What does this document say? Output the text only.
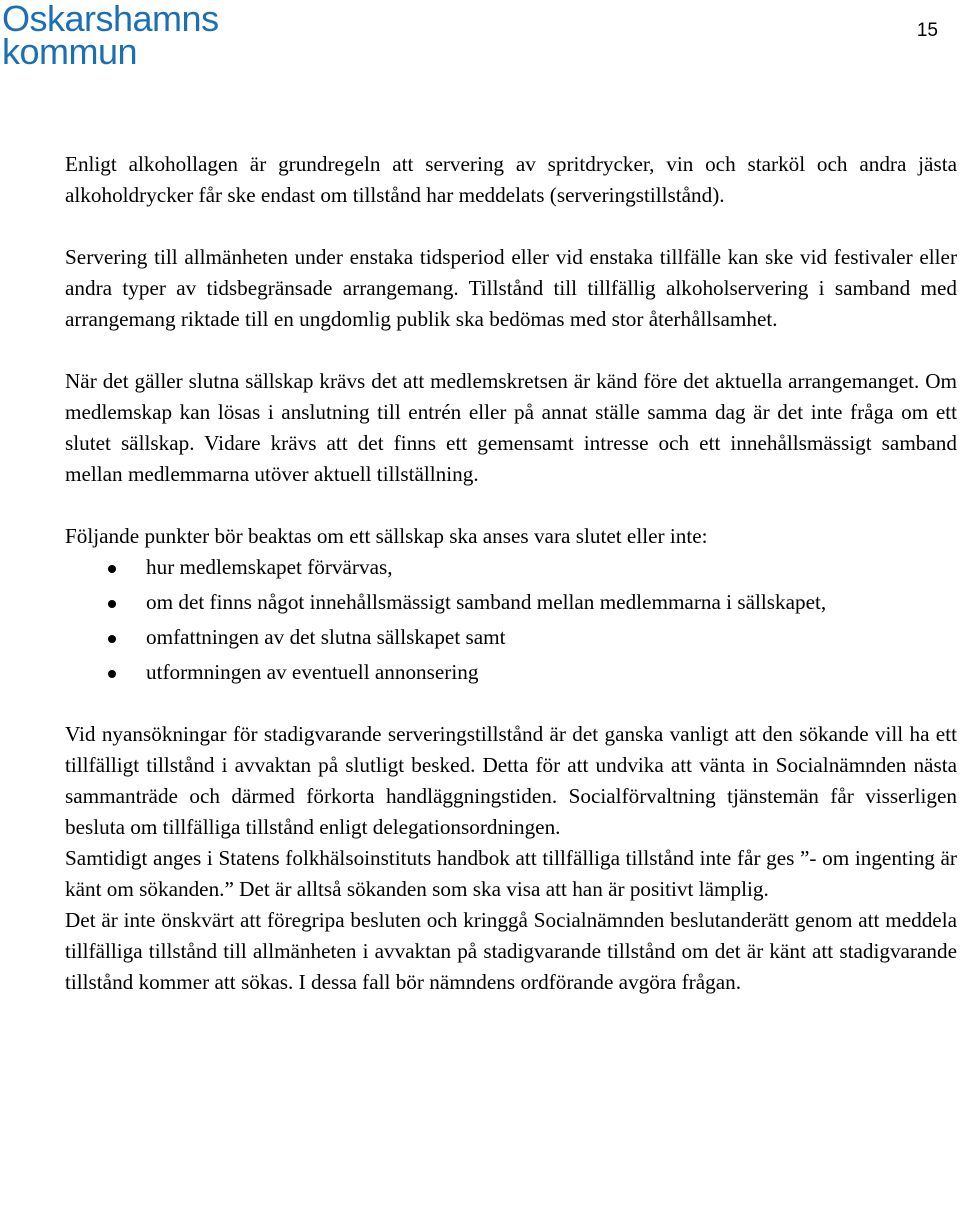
Oskarshamns
kommun
15

Enligt alkohollagen är grundregeln att servering av spritdrycker, vin och starköl och andra jästa alkoholdrycker får ske endast om tillstånd har meddelats (serveringstillstånd).

Servering till allmänheten under enstaka tidsperiod eller vid enstaka tillfälle kan ske vid festivaler eller andra typer av tidsbegränsade arrangemang. Tillstånd till tillfällig alkoholservering i samband med arrangemang riktade till en ungdomlig publik ska bedömas med stor återhållsamhet.

När det gäller slutna sällskap krävs det att medlemskretsen är känd före det aktuella arrangemanget. Om medlemskap kan lösas i anslutning till entrén eller på annat ställe samma dag är det inte fråga om ett slutet sällskap. Vidare krävs att det finns ett gemensamt intresse och ett innehållsmässigt samband mellan medlemmarna utöver aktuell tillställning.

Följande punkter bör beaktas om ett sällskap ska anses vara slutet eller inte:

hur medlemskapet förvärvas,
om det finns något innehållsmässigt samband mellan medlemmarna i sällskapet,
omfattningen av det slutna sällskapet samt
utformningen av eventuell annonsering

Vid nyansökningar för stadigvarande serveringstillstånd är det ganska vanligt att den sökande vill ha ett tillfälligt tillstånd i avvaktan på slutligt besked. Detta för att undvika att vänta in Socialnämnden nästa sammanträde och därmed förkorta handläggningstiden. Socialförvaltning tjänstemän får visserligen besluta om tillfälliga tillstånd enligt delegationsordningen.

Samtidigt anges i Statens folkhälsoinstituts handbok att tillfälliga tillstånd inte får ges ”- om ingenting är känt om sökanden.” Det är alltså sökanden som ska visa att han är positivt lämplig.

Det är inte önskvärt att föregripa besluten och kringgå Socialnämnden beslutanderätt genom att meddela tillfälliga tillstånd till allmänheten i avvaktan på stadigvarande tillstånd om det är känt att stadigvarande tillstånd kommer att sökas. I dessa fall bör nämndens ordförande avgöra frågan.
